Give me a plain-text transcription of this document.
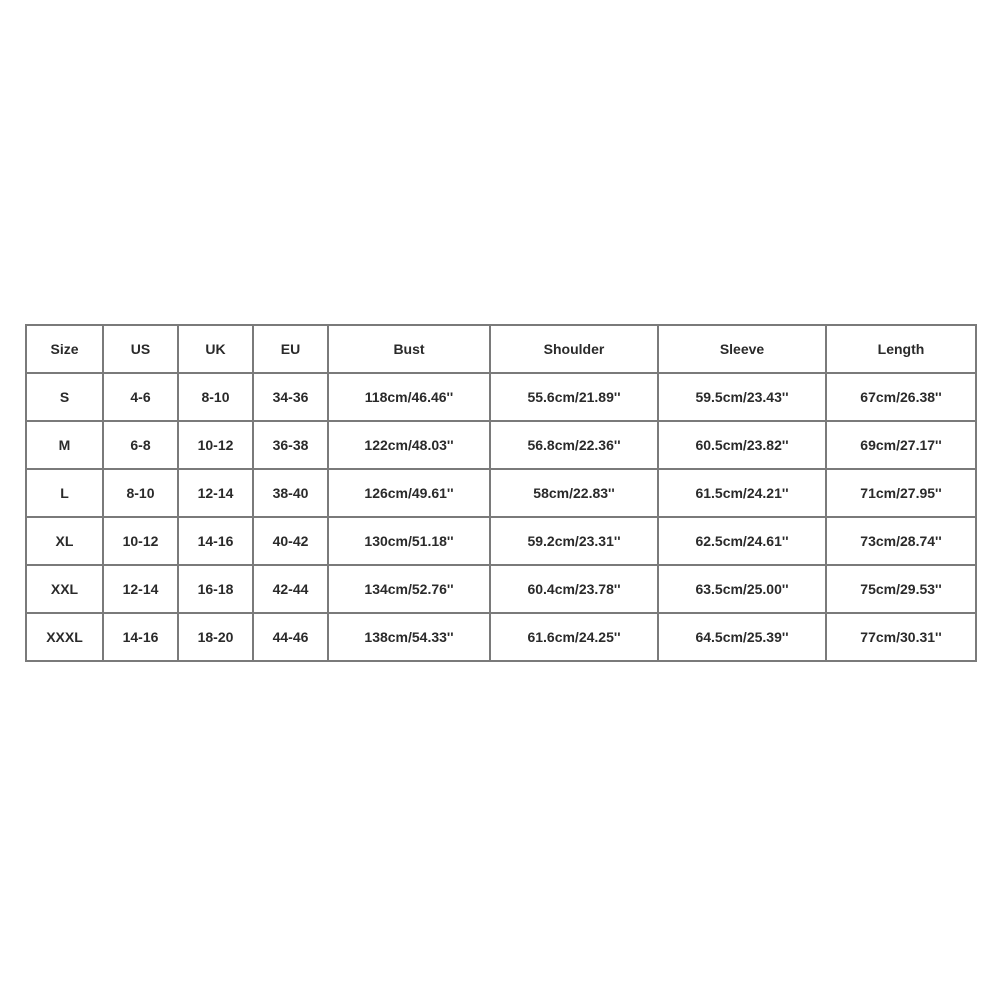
Size	US	UK	EU	Bust	Shoulder	Sleeve	Length
S	4-6	8-10	34-36	118cm/46.46''	55.6cm/21.89''	59.5cm/23.43''	67cm/26.38''
M	6-8	10-12	36-38	122cm/48.03''	56.8cm/22.36''	60.5cm/23.82''	69cm/27.17''
L	8-10	12-14	38-40	126cm/49.61''	58cm/22.83''	61.5cm/24.21''	71cm/27.95''
XL	10-12	14-16	40-42	130cm/51.18''	59.2cm/23.31''	62.5cm/24.61''	73cm/28.74''
XXL	12-14	16-18	42-44	134cm/52.76''	60.4cm/23.78''	63.5cm/25.00''	75cm/29.53''
XXXL	14-16	18-20	44-46	138cm/54.33''	61.6cm/24.25''	64.5cm/25.39''	77cm/30.31''
